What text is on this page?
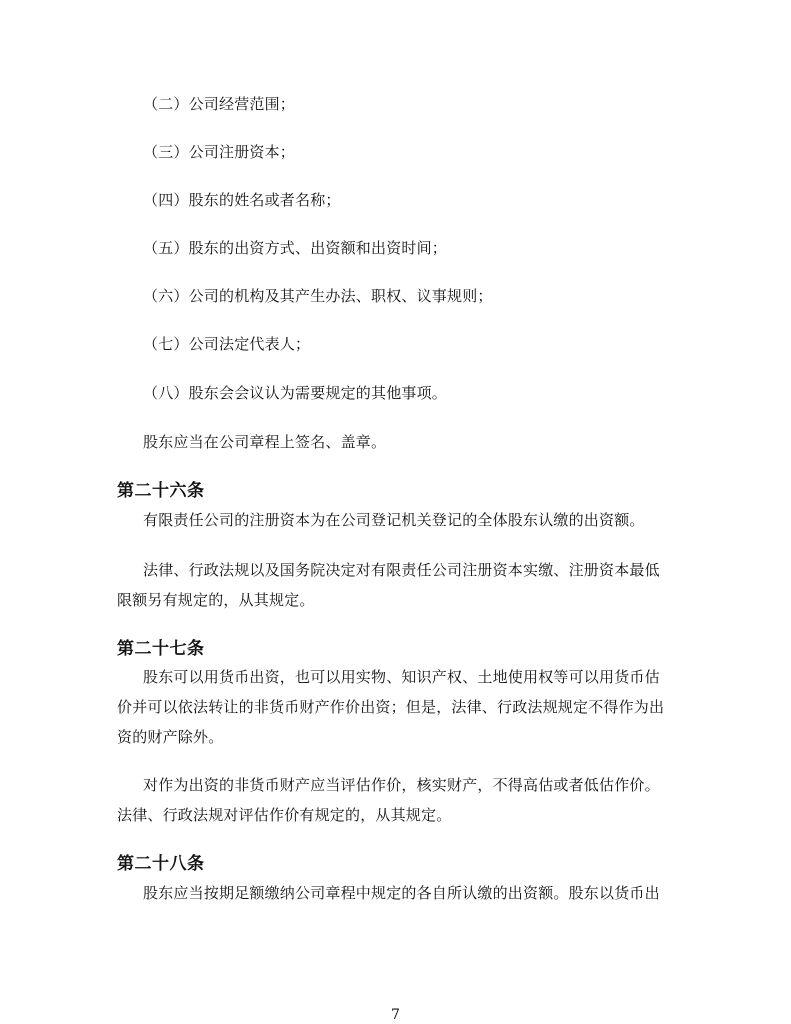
（二）公司经营范围；
（三）公司注册资本；
（四）股东的姓名或者名称；
（五）股东的出资方式、出资额和出资时间；
（六）公司的机构及其产生办法、职权、议事规则；
（七）公司法定代表人；
（八）股东会会议认为需要规定的其他事项。
股东应当在公司章程上签名、盖章。
第二十六条
有限责任公司的注册资本为在公司登记机关登记的全体股东认缴的出资额。
法律、行政法规以及国务院决定对有限责任公司注册资本实缴、注册资本最低
限额另有规定的，从其规定。
第二十七条
股东可以用货币出资，也可以用实物、知识产权、土地使用权等可以用货币估
价并可以依法转让的非货币财产作价出资；但是，法律、行政法规规定不得作为出
资的财产除外。
对作为出资的非货币财产应当评估作价，核实财产，不得高估或者低估作价。
法律、行政法规对评估作价有规定的，从其规定。
第二十八条
股东应当按期足额缴纳公司章程中规定的各自所认缴的出资额。股东以货币出
7
